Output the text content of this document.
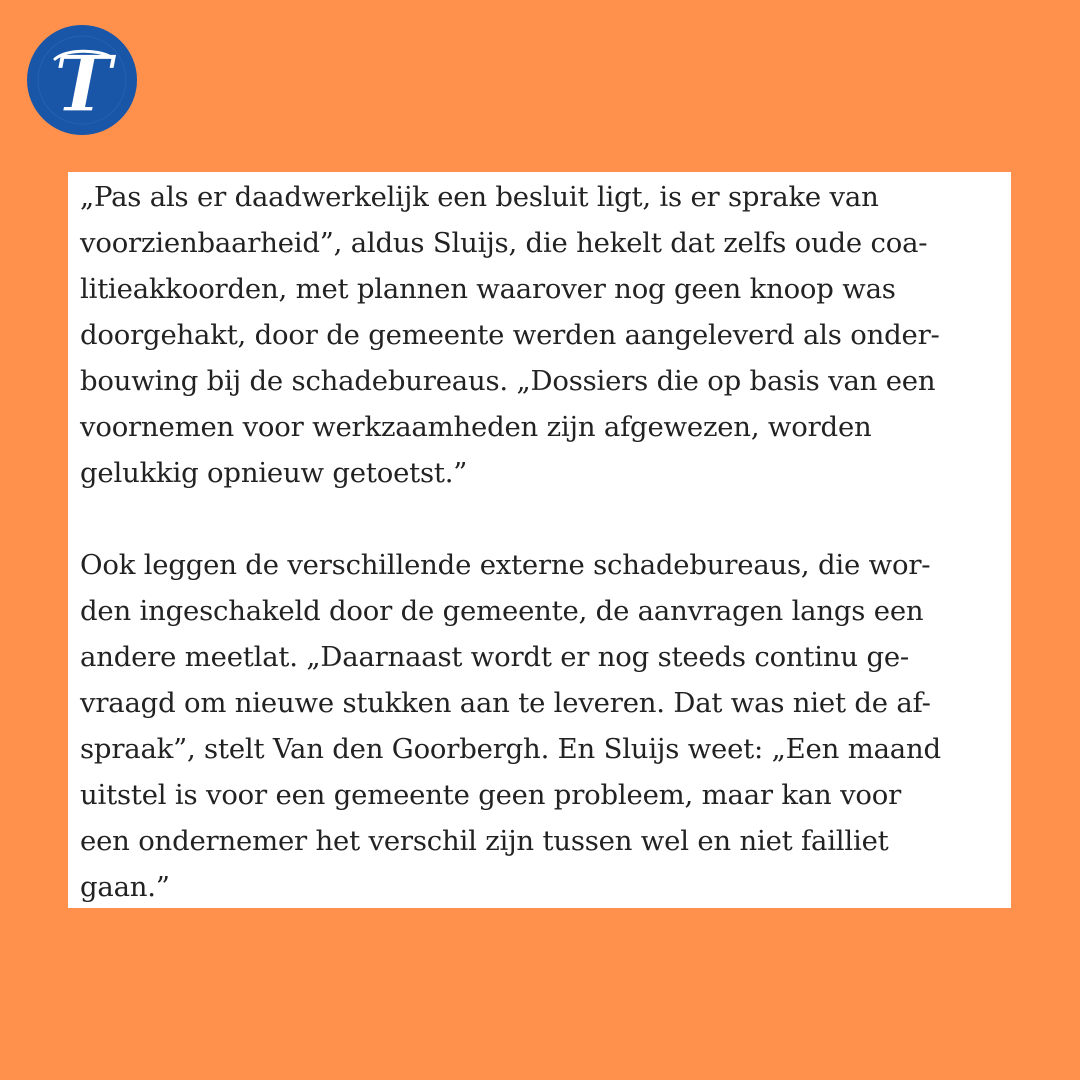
T

„Pas als er daadwerkelijk een besluit ligt, is er sprake van
voorzienbaarheid”, aldus Sluijs, die hekelt dat zelfs oude coa-
litieakkoorden, met plannen waarover nog geen knoop was
doorgehakt, door de gemeente werden aangeleverd als onder-
bouwing bij de schadebureaus. „Dossiers die op basis van een
voornemen voor werkzaamheden zijn afgewezen, worden
gelukkig opnieuw getoetst.”

Ook leggen de verschillende externe schadebureaus, die wor-
den ingeschakeld door de gemeente, de aanvragen langs een
andere meetlat. „Daarnaast wordt er nog steeds continu ge-
vraagd om nieuwe stukken aan te leveren. Dat was niet de af-
spraak”, stelt Van den Goorbergh. En Sluijs weet: „Een maand
uitstel is voor een gemeente geen probleem, maar kan voor
een ondernemer het verschil zijn tussen wel en niet failliet
gaan.”
